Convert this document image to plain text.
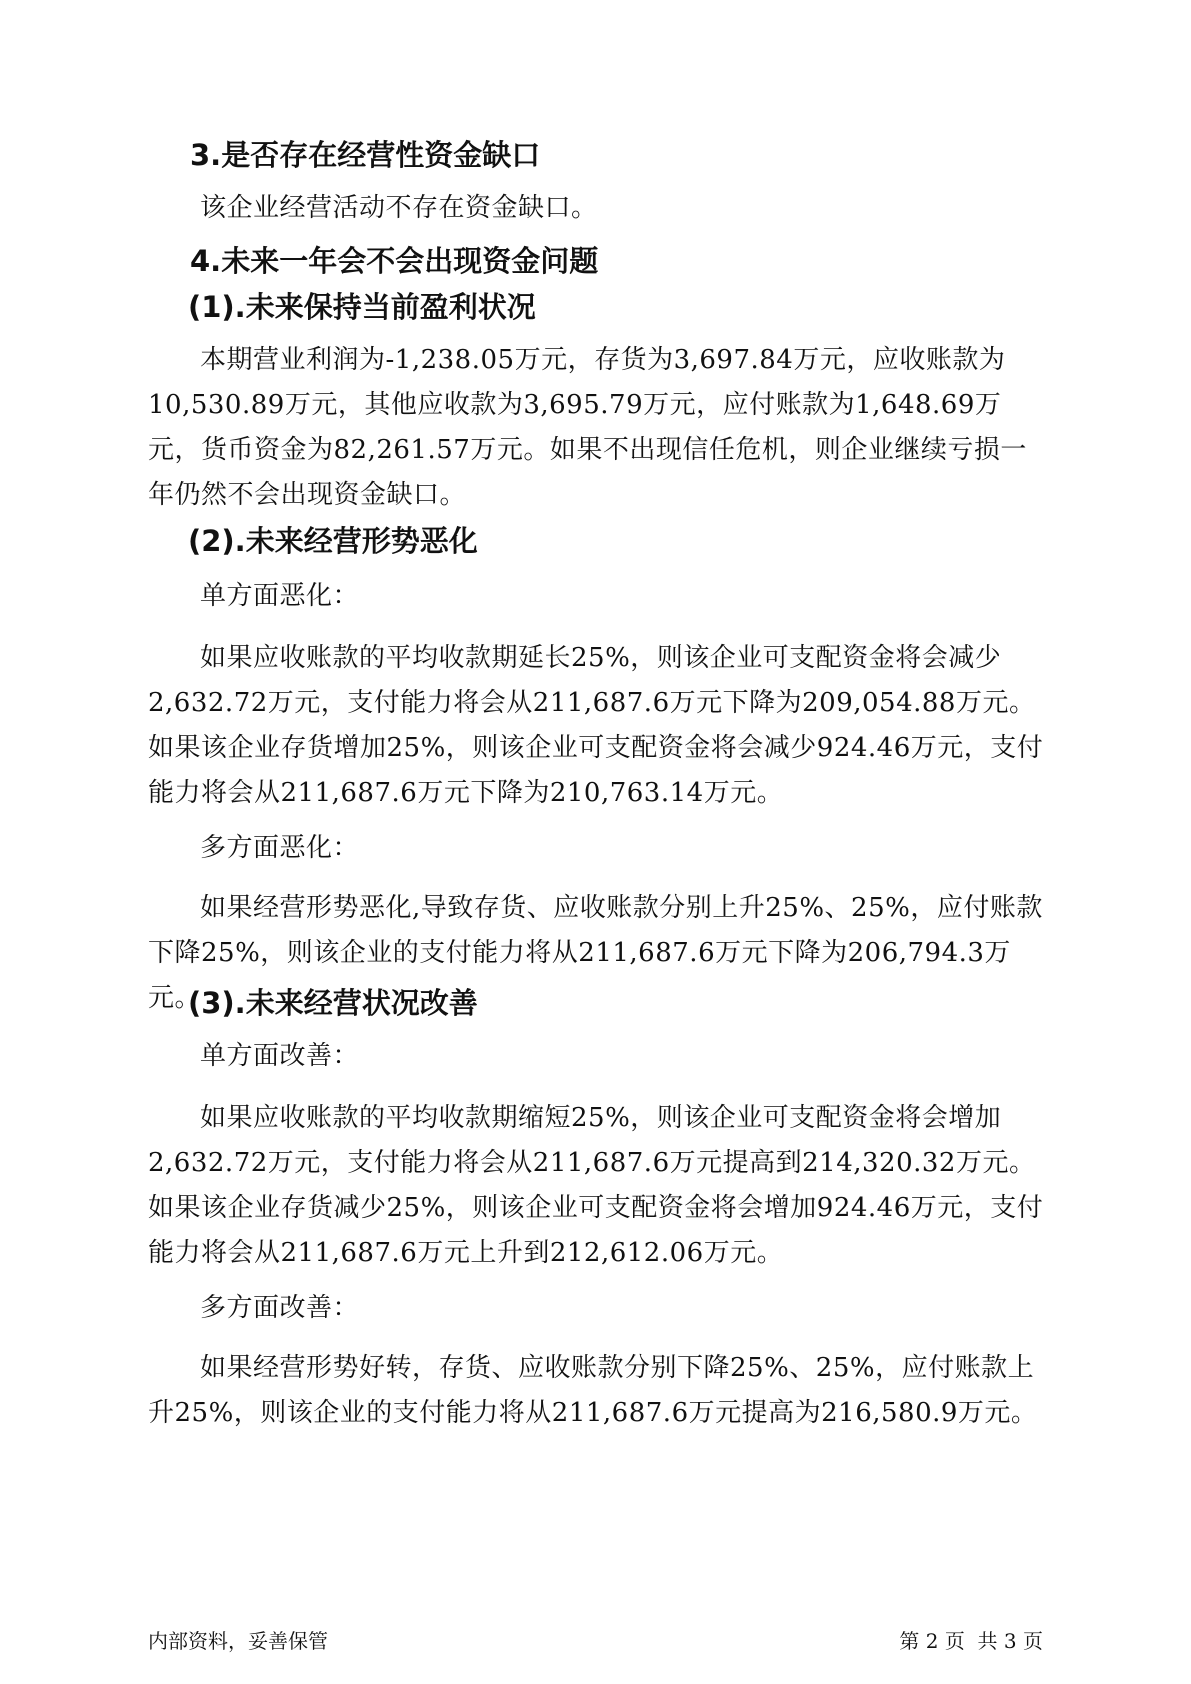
3.是否存在经营性资金缺口

该企业经营活动不存在资金缺口。

4.未来一年会不会出现资金问题
(1).未来保持当前盈利状况

本期营业利润为-1,238.05万元，存货为3,697.84万元，应收账款为10,530.89万元，其他应收款为3,695.79万元，应付账款为1,648.69万元，货币资金为82,261.57万元。如果不出现信任危机，则企业继续亏损一年仍然不会出现资金缺口。

(2).未来经营形势恶化

单方面恶化：

如果应收账款的平均收款期延长25%，则该企业可支配资金将会减少2,632.72万元，支付能力将会从211,687.6万元下降为209,054.88万元。如果该企业存货增加25%，则该企业可支配资金将会减少924.46万元，支付能力将会从211,687.6万元下降为210,763.14万元。

多方面恶化：

如果经营形势恶化,导致存货、应收账款分别上升25%、25%，应付账款下降25%，则该企业的支付能力将从211,687.6万元下降为206,794.3万元。

(3).未来经营状况改善

单方面改善：

如果应收账款的平均收款期缩短25%，则该企业可支配资金将会增加2,632.72万元，支付能力将会从211,687.6万元提高到214,320.32万元。如果该企业存货减少25%，则该企业可支配资金将会增加924.46万元，支付能力将会从211,687.6万元上升到212,612.06万元。

多方面改善：

如果经营形势好转，存货、应收账款分别下降25%、25%，应付账款上升25%，则该企业的支付能力将从211,687.6万元提高为216,580.9万元。

内部资料，妥善保管	第 2 页  共 3 页
